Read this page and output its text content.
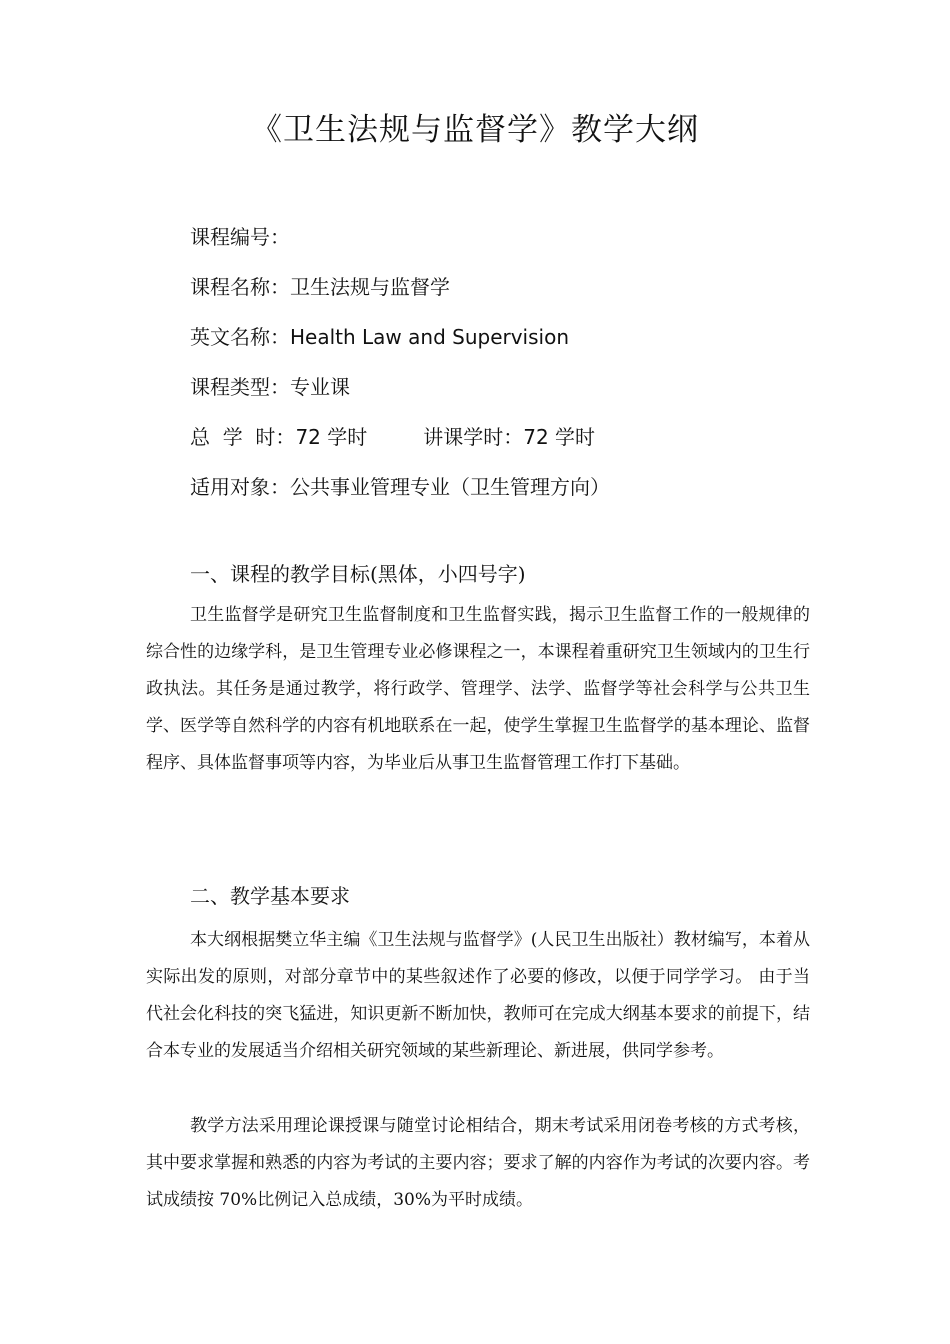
《卫生法规与监督学》教学大纲
课程编号：
课程名称：卫生法规与监督学
英文名称：Health Law and Supervision
课程类型：专业课
总  学  时：72 学时	讲课学时：72 学时
适用对象：公共事业管理专业（卫生管理方向）
一、课程的教学目标(黑体，小四号字)

卫生监督学是研究卫生监督制度和卫生监督实践，揭示卫生监督工作的一般规律的综合性的边缘学科，是卫生管理专业必修课程之一，本课程着重研究卫生领域内的卫生行政执法。其任务是通过教学，将行政学、管理学、法学、监督学等社会科学与公共卫生学、医学等自然科学的内容有机地联系在一起，使学生掌握卫生监督学的基本理论、监督程序、具体监督事项等内容，为毕业后从事卫生监督管理工作打下基础。

二、教学基本要求

本大纲根据樊立华主编《卫生法规与监督学》(人民卫生出版社）教材编写，本着从实际出发的原则，对部分章节中的某些叙述作了必要的修改，以便于同学学习。 由于当代社会化科技的突飞猛进，知识更新不断加快，教师可在完成大纲基本要求的前提下，结合本专业的发展适当介绍相关研究领域的某些新理论、新进展，供同学参考。

教学方法采用理论课授课与随堂讨论相结合，期末考试采用闭卷考核的方式考核，其中要求掌握和熟悉的内容为考试的主要内容；要求了解的内容作为考试的次要内容。考试成绩按 70%比例记入总成绩，30%为平时成绩。
